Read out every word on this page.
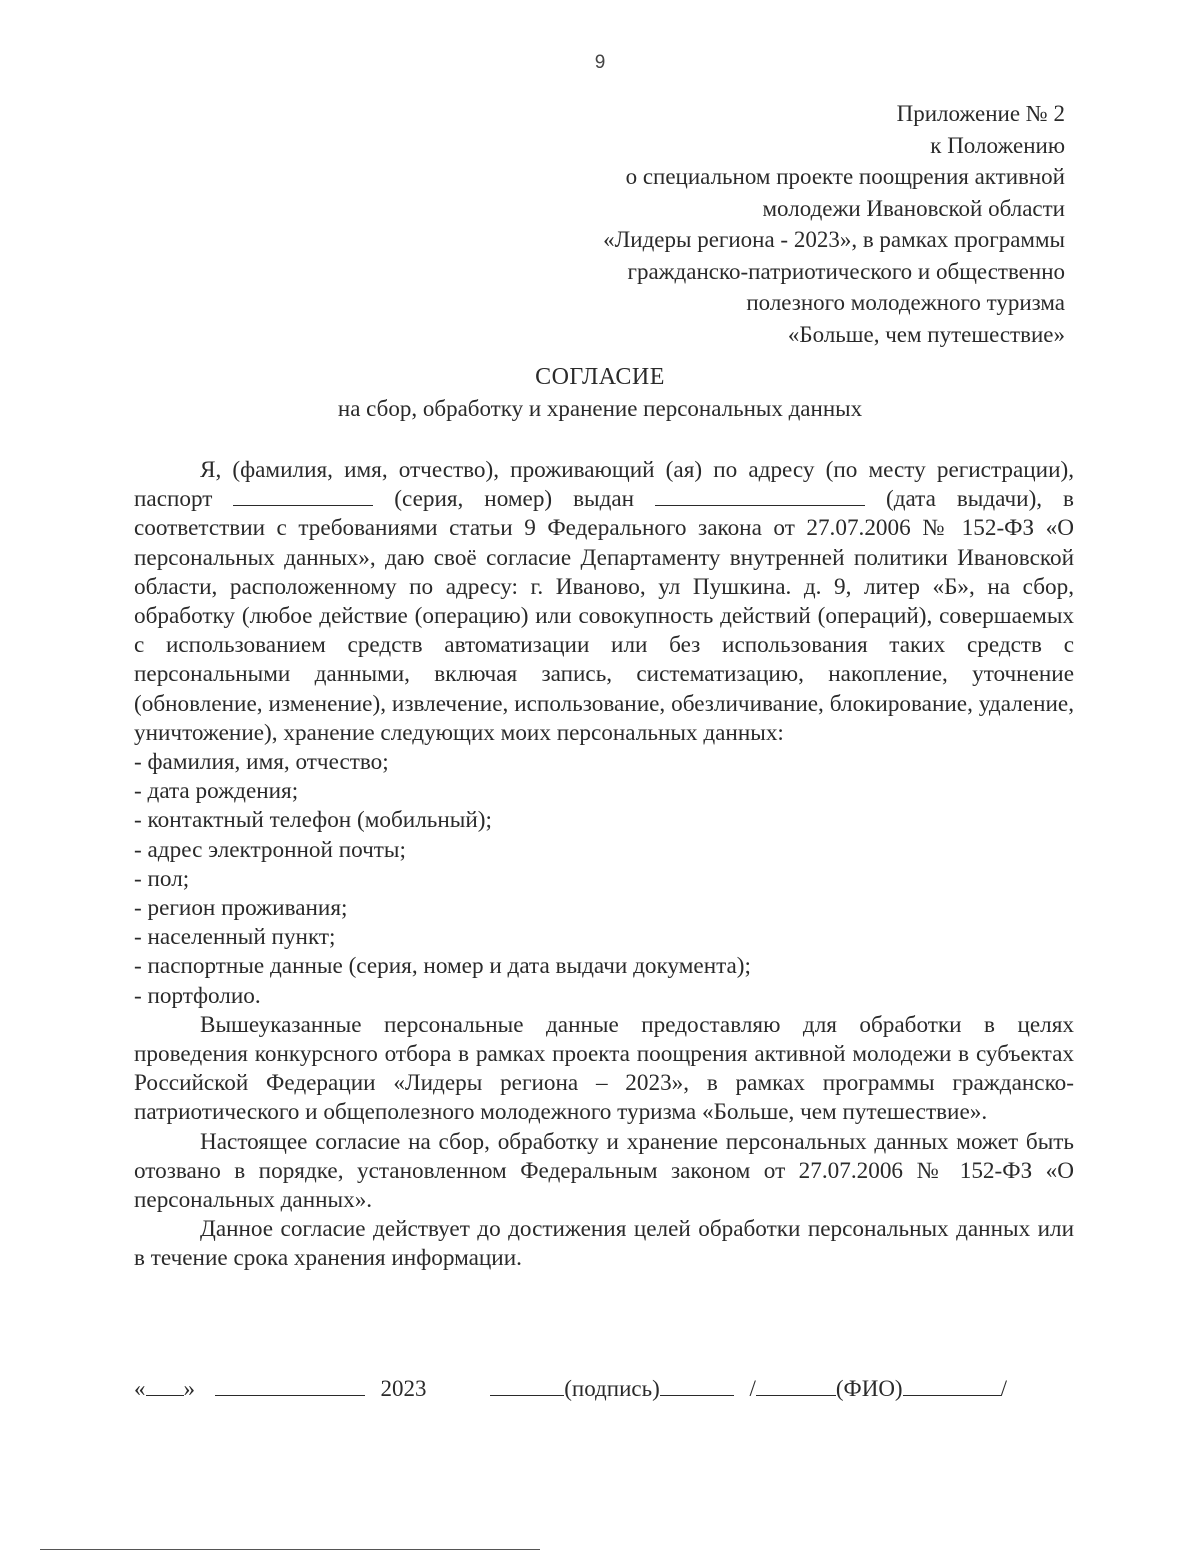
9
Приложение № 2
к Положению
о специальном проекте поощрения активной
молодежи Ивановской области
«Лидеры региона - 2023», в рамках программы
гражданско-патриотического и общественно
полезного молодежного туризма
«Больше, чем путешествие»
СОГЛАСИЕ
на сбор, обработку и хранение персональных данных

Я, (фамилия, имя, отчество), проживающий (ая) по адресу (по месту регистрации), паспорт	(серия, номер) выдан	(дата выдачи), в соответствии с требованиями статьи 9 Федерального закона от 27.07.2006 № 152-ФЗ «О персональных данных», даю своё согласие Департаменту внутренней политики Ивановской области, расположенному по адресу: г. Иваново, ул Пушкина. д. 9, литер «Б», на сбор, обработку (любое действие (операцию) или совокупность действий (операций), совершаемых с использованием средств автоматизации или без использования таких средств с персональными данными, включая запись, систематизацию, накопление, уточнение (обновление, изменение), извлечение, использование, обезличивание, блокирование, удаление, уничтожение), хранение следующих моих персональных данных:

- фамилия, имя, отчество;
- дата рождения;
- контактный телефон (мобильный);
- адрес электронной почты;
- пол;
- регион проживания;
- населенный пункт;
- паспортные данные (серия, номер и дата выдачи документа);
- портфолио.

Вышеуказанные персональные данные предоставляю для обработки в целях проведения конкурсного отбора в рамках проекта поощрения активной молодежи в субъектах Российской Федерации «Лидеры региона – 2023», в рамках программы гражданско-патриотического и общеполезного молодежного туризма «Больше, чем путешествие».

Настоящее согласие на сбор, обработку и хранение персональных данных может быть отозвано в порядке, установленном Федеральным законом от 27.07.2006 № 152-ФЗ «О персональных данных».

Данное согласие действует до достижения целей обработки персональных данных или в течение срока хранения информации.

« »	2023	(подпись)	/	(ФИО)	/
